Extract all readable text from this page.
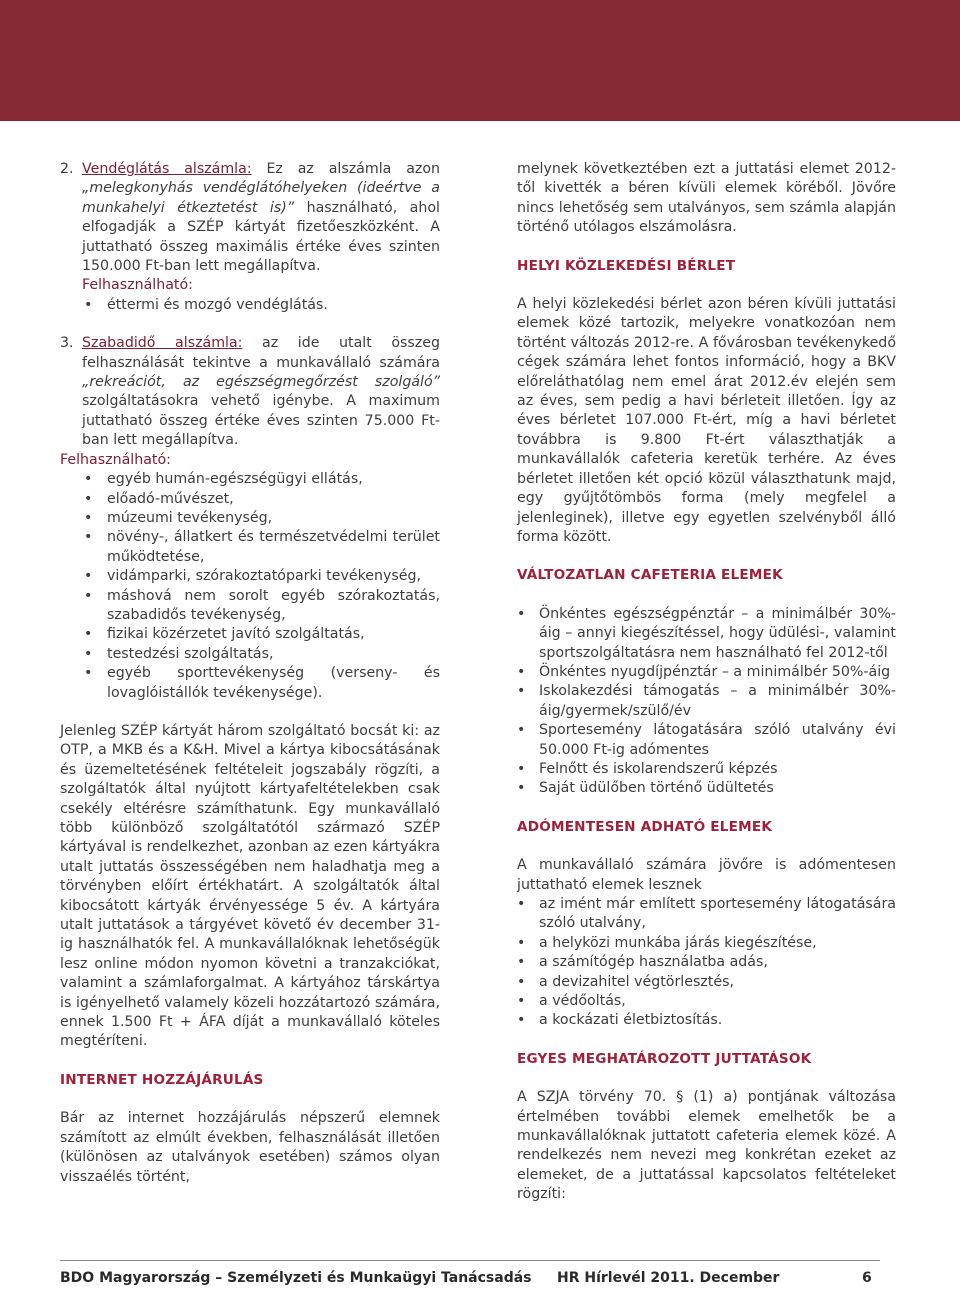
2. Vendéglátás alszámla: Ez az alszámla azon „melegkonyhás vendéglátóhelyeken (ideértve a munkahelyi étkeztetést is)” használható, ahol elfogadják a SZÉP kártyát fizetőeszközként. A juttatható összeg maximális értéke éves szinten 150.000 Ft-ban lett megállapítva.

Felhasználható:

• éttermi és mozgó vendéglátás.
3. Szabadidő alszámla: az ide utalt összeg felhasználását tekintve a munkavállaló számára „rekreációt, az egészségmegőrzést szolgáló” szolgáltatásokra vehető igénybe. A maximum juttatható összeg értéke éves szinten 75.000 Ft-ban lett megállapítva.

Felhasználható:

• egyéb humán-egészségügyi ellátás,
• előadó-művészet,
• múzeumi tevékenység,
• növény-, állatkert és természetvédelmi terület működtetése,
• vidámparki, szórakoztatóparki tevékenység,
• máshová nem sorolt egyéb szórakoztatás, szabadidős tevékenység,
• fizikai közérzetet javító szolgáltatás,
• testedzési szolgáltatás,
• egyéb sporttevékenység (verseny- és lovaglóistállók tevékenysége).

Jelenleg SZÉP kártyát három szolgáltató bocsát ki: az OTP, a MKB és a K&H. Mivel a kártya kibocsátásának és üzemeltetésének feltételeit jogszabály rögzíti, a szolgáltatók által nyújtott kártyafeltételekben csak csekély eltérésre számíthatunk. Egy munkavállaló több különböző szolgáltatótól származó SZÉP kártyával is rendelkezhet, azonban az ezen kártyákra utalt juttatás összességében nem haladhatja meg a törvényben előírt értékhatárt. A szolgáltatók által kibocsátott kártyák érvényessége 5 év. A kártyára utalt juttatások a tárgyévet követő év december 31-ig használhatók fel. A munkavállalóknak lehetőségük lesz online módon nyomon követni a tranzakciókat, valamint a számlaforgalmat. A kártyához társkártya is igényelhető valamely közeli hozzátartozó számára, ennek 1.500 Ft + ÁFA díját a munkavállaló köteles megtéríteni.

INTERNET HOZZÁJÁRULÁS

Bár az internet hozzájárulás népszerű elemnek számított az elmúlt években, felhasználását illetően (különösen az utalványok esetében) számos olyan visszaélés történt,

melynek következtében ezt a juttatási elemet 2012-től kivették a béren kívüli elemek köréből. Jövőre nincs lehetőség sem utalványos, sem számla alapján történő utólagos elszámolásra.

HELYI KÖZLEKEDÉSI BÉRLET

A helyi közlekedési bérlet azon béren kívüli juttatási elemek közé tartozik, melyekre vonatkozóan nem történt változás 2012-re. A fővárosban tevékenykedő cégek számára lehet fontos információ, hogy a BKV előreláthatólag nem emel árat 2012.év elején sem az éves, sem pedig a havi bérleteit illetően. Így az éves bérletet 107.000 Ft-ért, míg a havi bérletet továbbra is 9.800 Ft-ért választhatják a munkavállalók cafeteria keretük terhére. Az éves bérletet illetően két opció közül választhatunk majd, egy gyűjtőtömbös forma (mely megfelel a jelenleginek), illetve egy egyetlen szelvényből álló forma között.

VÁLTOZATLAN CAFETERIA ELEMEK

• Önkéntes egészségpénztár – a minimálbér 30%-áig – annyi kiegészítéssel, hogy üdülési-, valamint sportszolgáltatásra nem használható fel 2012-től
• Önkéntes nyugdíjpénztár – a minimálbér 50%-áig
• Iskolakezdési támogatás – a minimálbér 30%-áig/gyermek/szülő/év
• Sportesemény látogatására szóló utalvány évi 50.000 Ft-ig adómentes
• Felnőtt és iskolarendszerű képzés
• Saját üdülőben történő üdültetés

ADÓMENTESEN ADHATÓ ELEMEK

A munkavállaló számára jövőre is adómentesen juttatható elemek lesznek

• az imént már említett sportesemény látogatására szóló utalvány,
• a helyközi munkába járás kiegészítése,
• a számítógép használatba adás,
• a devizahitel végtörlesztés,
• a védőoltás,
• a kockázati életbiztosítás.

EGYES MEGHATÁROZOTT JUTTATÁSOK

A SZJA törvény 70. § (1) a) pontjának változása értelmében további elemek emelhetők be a munkavállalóknak juttatott cafeteria elemek közé. A rendelkezés nem nevezi meg konkrétan ezeket az elemeket, de a juttatással kapcsolatos feltételeket rögzíti:

BDO Magyarország – Személyzeti és Munkaügyi Tanácsadás HR Hírlevél 2011. December	6
